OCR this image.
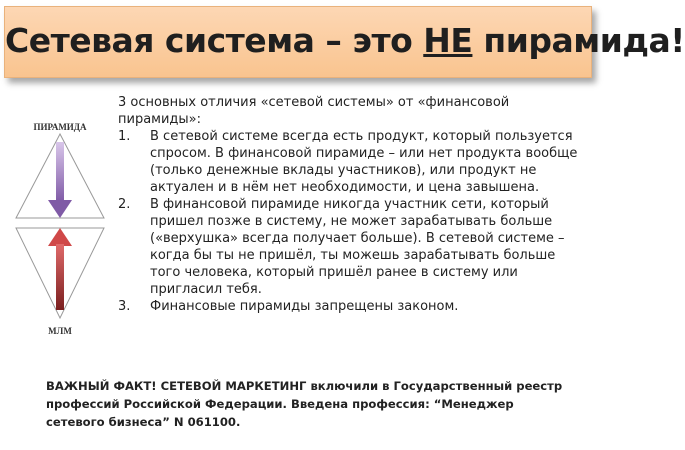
Сетевая система – это НЕ пирамида!
ПИРАМИДА
МЛМ

3 основных отличия «сетевой системы» от «финансовой пирамиды»:

1. В сетевой системе всегда есть продукт, который пользуется спросом. В финансовой пирамиде – или нет продукта вообще (только денежные вклады участников), или продукт не актуален и в нём нет необходимости, и цена завышена.
2. В финансовой пирамиде никогда участник сети, который пришел позже в систему, не может зарабатывать больше («верхушка» всегда получает больше). В сетевой системе – когда бы ты не пришёл, ты можешь зарабатывать больше того человека, который пришёл ранее в систему или пригласил тебя.
3. Финансовые пирамиды запрещены законом.
ВАЖНЫЙ ФАКТ! СЕТЕВОЙ МАРКЕТИНГ включили в Государственный реестр профессий Российской Федерации. Введена профессия: “Менеджер сетевого бизнеса” N 061100.
